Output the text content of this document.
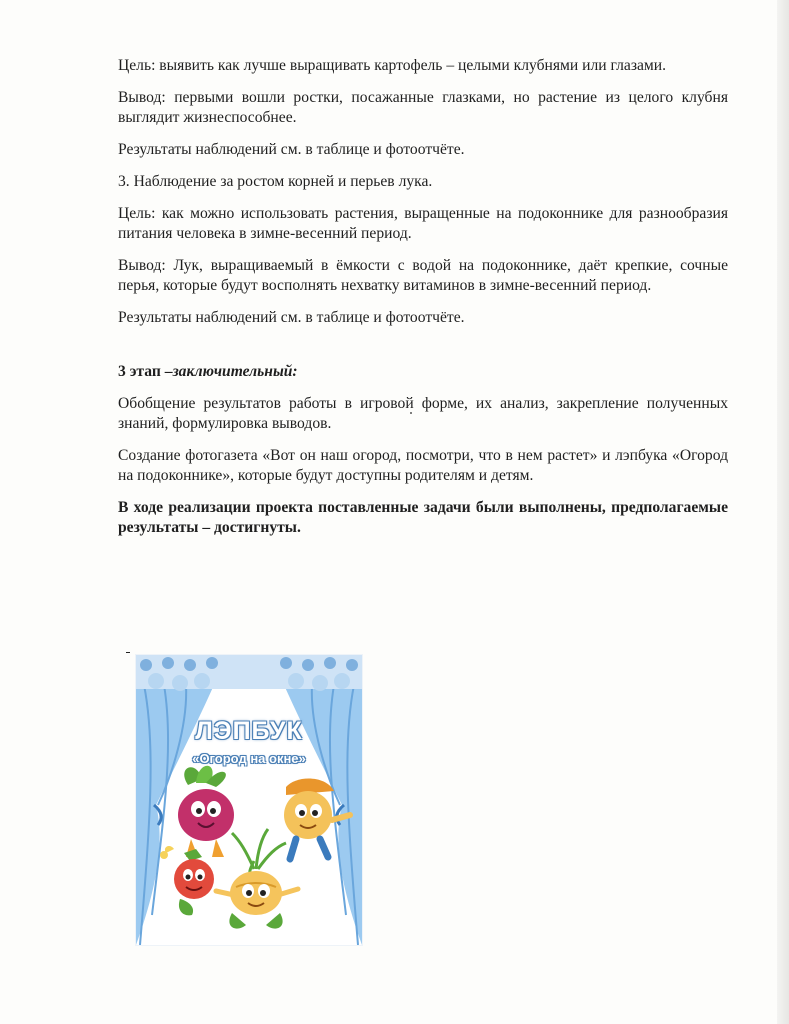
Цель: выявить как лучше выращивать картофель – целыми клубнями или глазами.

Вывод: первыми вошли ростки, посажанные глазками, но растение из целого клубня выглядит жизнеспособнее.

Результаты наблюдений см. в таблице и фотоотчёте.

3. Наблюдение за ростом корней и перьев лука.

Цель: как можно использовать растения, выращенные на подоконнике для разнообразия питания человека в зимне-весенний период.

Вывод: Лук, выращиваемый в ёмкости с водой на подоконнике, даёт крепкие, сочные перья, которые будут восполнять нехватку витаминов в зимне-весенний период.

Результаты наблюдений см. в таблице и фотоотчёте.

3 этап –заключительный:

Обобщение результатов работы в игровой форме, их анализ, закрепление полученных знаний, формулировка выводов.

Создание фотогазета «Вот он наш огород, посмотри, что в нем растет» и лэпбука «Огород на подоконнике», которые будут доступны родителям и детям.

В ходе реализации проекта поставленные задачи были выполнены, предполагаемые результаты – достигнуты.

ЛЭПБУК
«Огород на окне»
